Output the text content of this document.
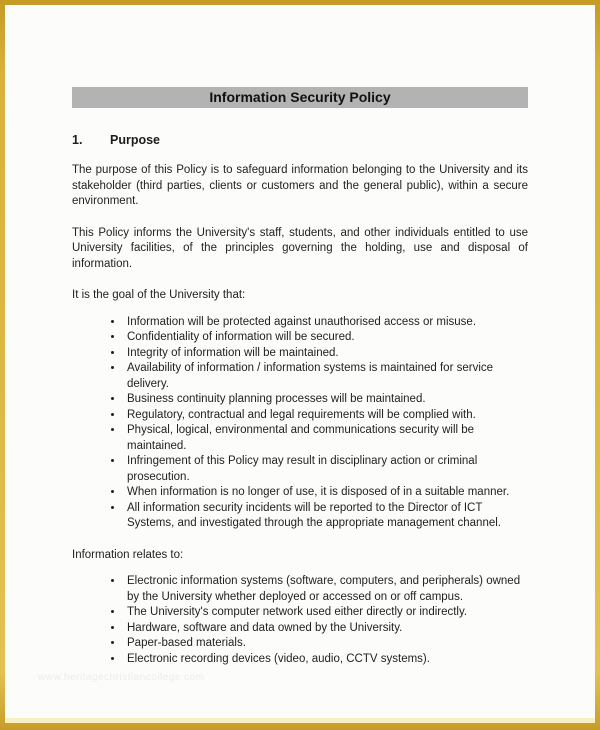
Information Security Policy
1. Purpose

The purpose of this Policy is to safeguard information belonging to the University and its stakeholder (third parties, clients or customers and the general public), within a secure environment.

This Policy informs the University's staff, students, and other individuals entitled to use University facilities, of the principles governing the holding, use and disposal of information.

It is the goal of the University that:

• Information will be protected against unauthorised access or misuse.
• Confidentiality of information will be secured.
• Integrity of information will be maintained.
• Availability of information / information systems is maintained for service delivery.
• Business continuity planning processes will be maintained.
• Regulatory, contractual and legal requirements will be complied with.
• Physical, logical, environmental and communications security will be maintained.
• Infringement of this Policy may result in disciplinary action or criminal prosecution.
• When information is no longer of use, it is disposed of in a suitable manner.
• All information security incidents will be reported to the Director of ICT Systems, and investigated through the appropriate management channel.

Information relates to:

• Electronic information systems (software, computers, and peripherals) owned by the University whether deployed or accessed on or off campus.
• The University's computer network used either directly or indirectly.
• Hardware, software and data owned by the University.
• Paper-based materials.
• Electronic recording devices (video, audio, CCTV systems).
www.heritagechristiancollege.com
